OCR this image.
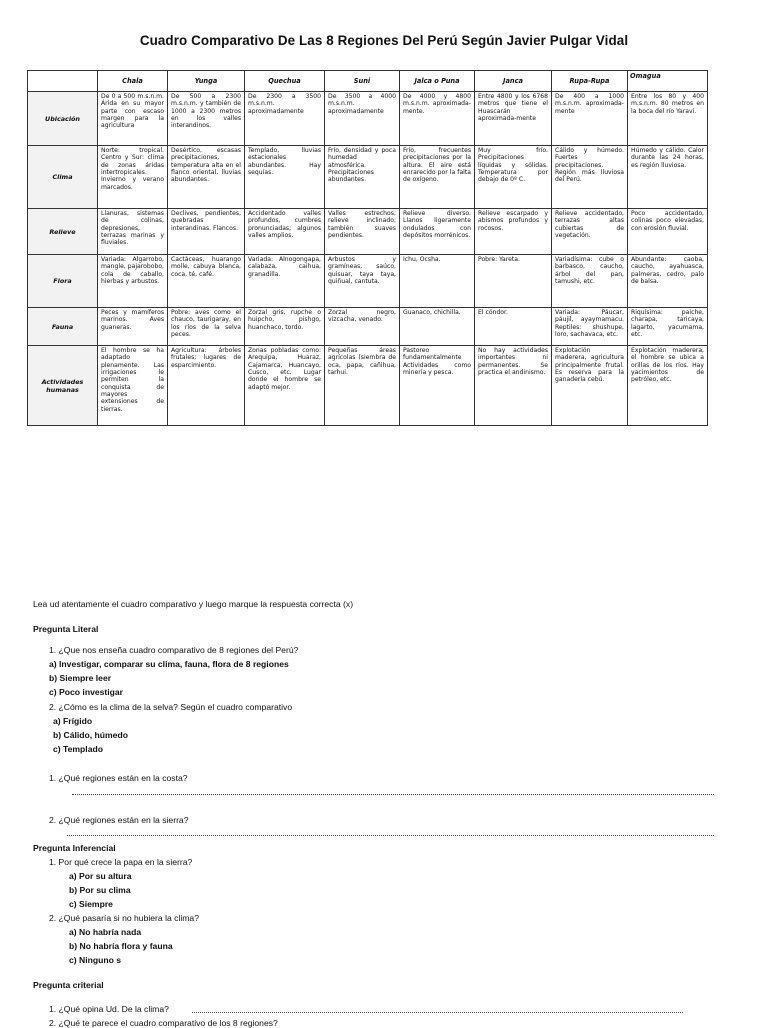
Cuadro Comparativo De Las 8 Regiones Del Perú Según Javier Pulgar Vidal
	Chala	Yunga	Quechua	Suni	Jalca o Puna	Janca	Rupa-Rupa	Omagua
Ubicación	De 0 a 500 m.s.n.m. Árida en su mayor parte con escaso margen para la agricultura	De 500 a 2300 m.s.n.m. y también de 1000 a 2300 metros en los valles interandinos.	De 2300 a 3500 m.s.n.m. aproximadamente	De 3500 a 4000 m.s.n.m. aproximadamente	De 4000 y 4800 m.s.n.m. aproximada-mente.	Entre 4800 y los 6768 metros que tiene el Huascarán aproximada-mente	De 400 a 1000 m.s.n.m. aproximada-mente	Entre los 80 y 400 m.s.n.m. 80 metros en la boca del río Yaraví.

Clima	Norte: tropical. Centro y Sur: clima de zonas áridas intertropicales. Invierno y verano marcados.	Desértico, escasas precipitaciones, temperatura alta en el flanco oriental, lluvias abundantes.	Templado, lluvias estacionales abundantes. Hay sequías.	Frío, densidad y poca humedad atmosférica. Precipitaciones abundantes.	Frío, frecuentes precipitaciones por la altura. El aire está enrarecido por la falta de oxígeno.	Muy frío. Precipitaciones líquidas y sólidas. Temperatura por debajo de 0º C.	Cálido y húmedo. Fuertes precipitaciones. Región más lluviosa del Perú.	Húmedo y cálido. Calor durante las 24 horas, es región lluviosa.

Relieve	Llanuras, sistemas de colinas, depresiones, terrazas marinas y fluviales.	Declives, pendientes, quebradas interandinas. Flancos.	Accidentado valles profundos, cumbres pronunciadas; algunos valles amplios.	Valles estrechos; relieve inclinado; también suaves pendientes.	Relieve diverso. Llanos ligeramente ondulados con depósitos morrénicos.	Relieve escarpado y abismos profundos y rocosos.	Relieve accidentado, terrazas altas cubiertas de vegetación.	Poco accidentado, colinas poco elevadas, con erosión fluvial.

Flora	Variada: Algarrobo, mangle, pajarobobo, cola de caballo, hierbas y arbustos.	Cactáceas, huarango molle, cabuya blanca, coca, té, café.	Variada: Alnogongapa, calabaza, caihua, granadilla.	Arbustos y gramíneas, saúco, quisuar, taya taya, quiñual, cantuta.	Ichu, Ocsha.	Pobre: Yareta.	Variadísima: cube o barbasco, caucho, árbol del pan, tamushi, etc.	Abundante: caoba, caucho, ayahuasca, palmeras, cedro, palo de balsa.

Fauna	Peces y mamíferos marinos. Aves guaneras.	Pobre: aves como el chauco, taurigaray, en los ríos de la selva peces.	Zorzal gris, rupche o huipcho, pishgo, huanchaco, tordo.	Zorzal negro, vizcacha, venado.	Guanaco, chichilla.	El cóndor.	Variada: Páucar, páujil, ayaymamacu. Reptiles: shushupe, loro, sachavaca, etc.	Riquísima: paiche, charapa, taricaya, lagarto, yacumama, etc.

Actividades humanas	El hombre se ha adaptado plenamente. Las irrigaciones le permiten la conquista de mayores extensiones de tierras.	Agricultura: árboles frutales; lugares de esparcimiento.	Zonas pobladas como: Arequipa, Huaraz, Cajamarca, Huancayo, Cusco, etc. Lugar donde el hombre se adaptó mejor.	Pequeñas áreas agrícolas (siembra de oca, papa, cañihua, tarhui.	Pastoreo fundamentalmente Actividades como minería y pesca.	No hay actividades importantes ni permanentes. Se practica el andinismo.	Explotación maderera, agricultura principalmente frutal. Es reserva para la ganadería cebú.	Explotación maderera, el hombre se ubica a orillas de los ríos. Hay yacimientos de petróleo, etc.
Lea ud atentamente el cuadro comparativo y luego marque la respuesta correcta (x)
Pregunta Literal
1. ¿Que nos enseña cuadro comparativo de 8 regiones del Perú?
a) Investigar, comparar su clima, fauna, flora de 8 regiones
b) Siempre leer
c) Poco investigar
2. ¿Cómo es la clima de la selva? Según el cuadro comparativo
a) Frígido
b) Cálido, húmedo
c) Templado
1. ¿Qué regiones están en la costa?
2. ¿Qué regiones están en la sierra?
Pregunta Inferencial
1. Por qué crece la papa en la sierra?
a) Por su altura
b) Por su clima
c) Siempre
2. ¿Qué pasaría si no hubiera la clima?
a) No habría nada
b) No habría flora y fauna
c) Ninguno s
Pregunta criterial
1. ¿Qué opina Ud. De la clima?
2. ¿Qué te parece el cuadro comparativo de los 8 regiones?
